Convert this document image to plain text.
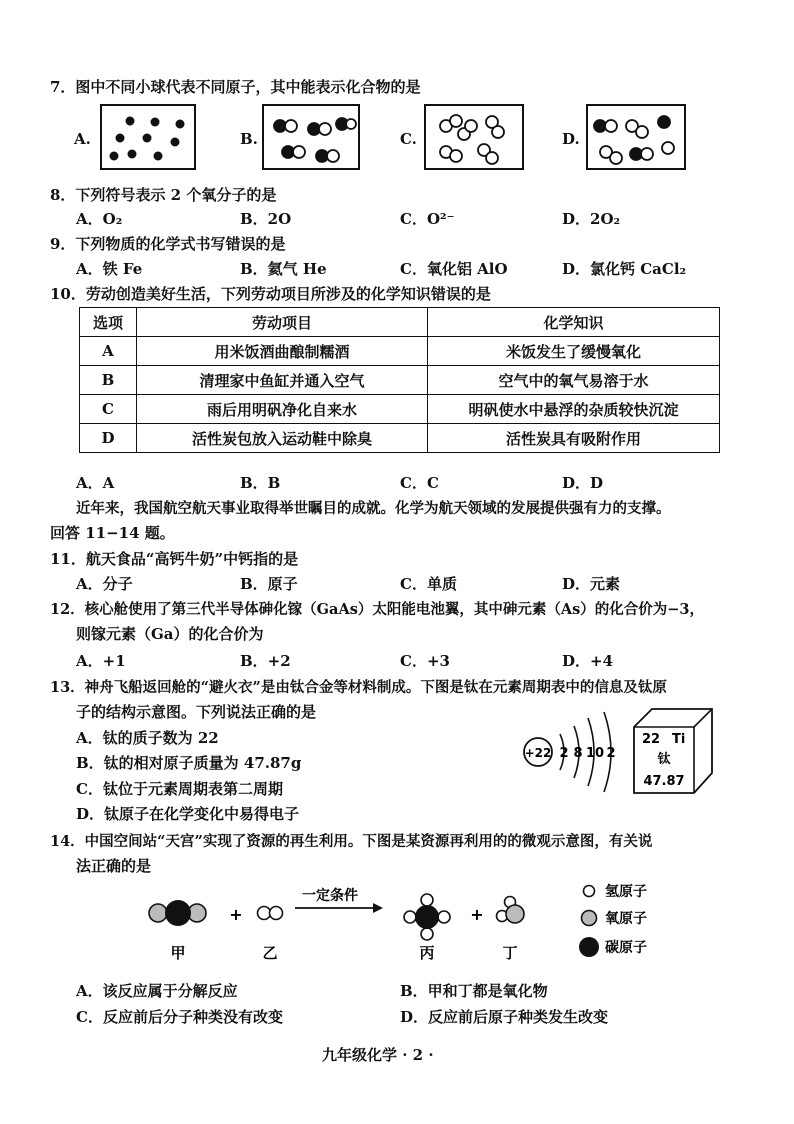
7．图中不同小球代表不同原子，其中能表示化合物的是
A.	B.	C.	D.
8．下列符号表示 2 个氧分子的是
A．O₂	B．2O	C．O²⁻	D．2O₂
9．下列物质的化学式书写错误的是
A．铁 Fe	B．氦气 He	C．氧化铝 AlO	D．氯化钙 CaCl₂
10．劳动创造美好生活，下列劳动项目所涉及的化学知识错误的是
选项	劳动项目	化学知识
A	用米饭酒曲酿制糯酒	米饭发生了缓慢氧化
B	清理家中鱼缸并通入空气	空气中的氧气易溶于水
C	雨后用明矾净化自来水	明矾使水中悬浮的杂质较快沉淀
D	活性炭包放入运动鞋中除臭	活性炭具有吸附作用
A．A	B．B	C．C	D．D
近年来，我国航空航天事业取得举世瞩目的成就。化学为航天领域的发展提供强有力的支撑。
回答 11−14 题。
11．航天食品“高钙牛奶”中钙指的是
A．分子	B．原子	C．单质	D．元素
12．核心舱使用了第三代半导体砷化镓（GaAs）太阳能电池翼，其中砷元素（As）的化合价为−3，
则镓元素（Ga）的化合价为
A．+1	B．+2	C．+3	D．+4
13．神舟飞船返回舱的“避火衣”是由钛合金等材料制成。下图是钛在元素周期表中的信息及钛原
子的结构示意图。下列说法正确的是
A．钛的质子数为 22
B．钛的相对原子质量为 47.87g
C．钛位于元素周期表第二周期
D．钛原子在化学变化中易得电子
+22 2 8 10 2
22 Ti
钛
47.87
14．中国空间站“天宫”实现了资源的再生利用。下图是某资源再利用的的微观示意图，有关说
法正确的是
+
一定条件
+
氢原子
氧原子
碳原子
甲	乙	丙	丁
A．该反应属于分解反应	B．甲和丁都是氧化物
C．反应前后分子种类没有改变	D．反应前后原子种类发生改变
九年级化学 · 2 ·
